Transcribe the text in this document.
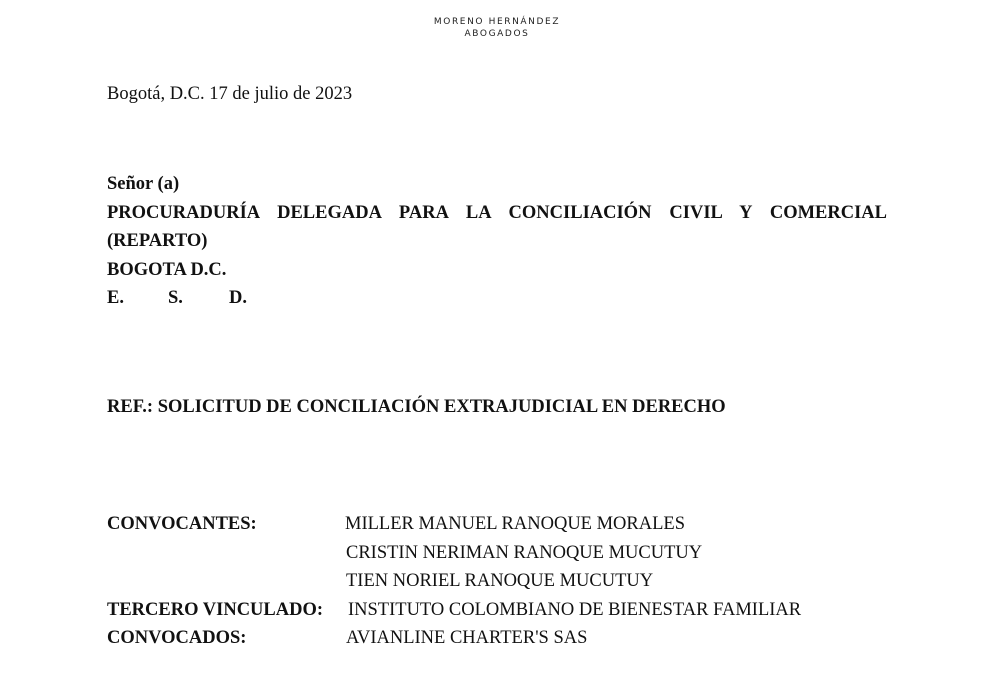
MORENO HERNÁNDEZ
ABOGADOS
Bogotá, D.C. 17 de julio de 2023
Señor (a)
PROCURADURÍA DELEGADA PARA LA CONCILIACIÓN CIVIL Y COMERCIAL
(REPARTO)
BOGOTA D.C.
E. S. D.
REF.: SOLICITUD DE CONCILIACIÓN EXTRAJUDICIAL EN DERECHO
CONVOCANTES:	MILLER MANUEL RANOQUE MORALES
CRISTIN NERIMAN RANOQUE MUCUTUY
TIEN NORIEL RANOQUE MUCUTUY
TERCERO VINCULADO:	INSTITUTO COLOMBIANO DE BIENESTAR FAMILIAR
CONVOCADOS:	AVIANLINE CHARTER'S SAS
